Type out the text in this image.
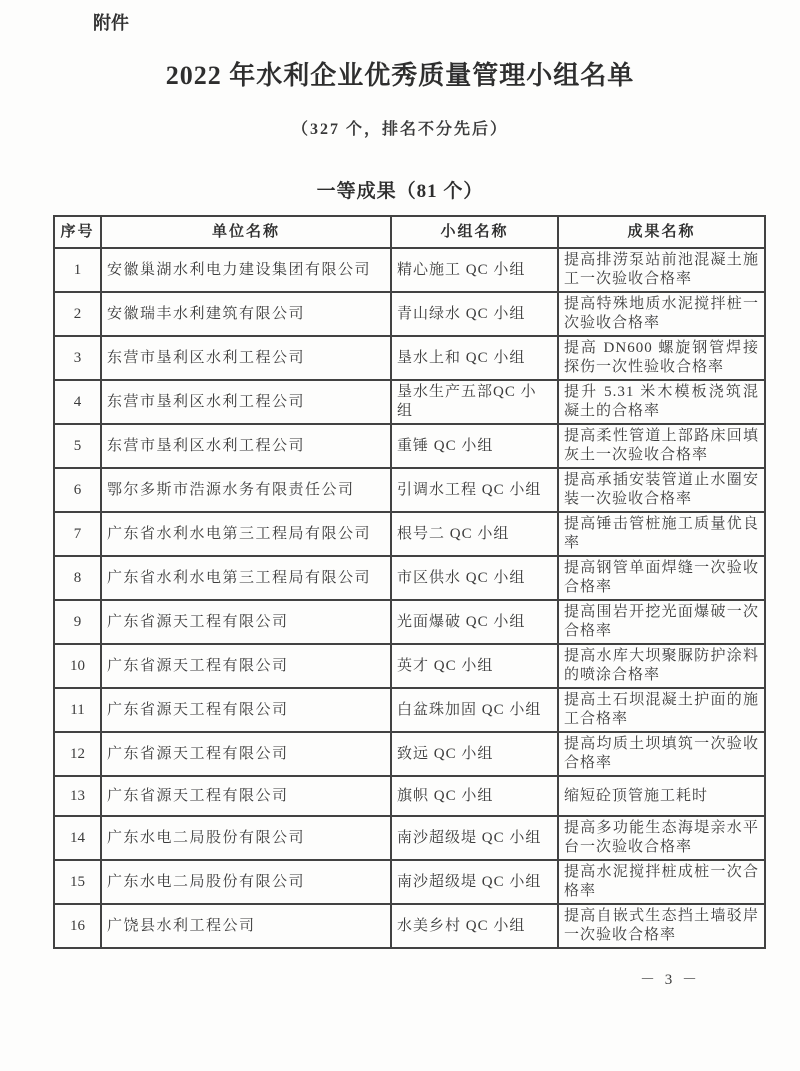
附件
2022 年水利企业优秀质量管理小组名单
（327 个，排名不分先后）
一等成果（81 个）
序号	单位名称	小组名称	成果名称
1	安徽巢湖水利电力建设集团有限公司	精心施工 QC 小组	提高排涝泵站前池混凝土施工一次验收合格率
2	安徽瑞丰水利建筑有限公司	青山绿水 QC 小组	提高特殊地质水泥搅拌桩一次验收合格率
3	东营市垦利区水利工程公司	垦水上和 QC 小组	提高 DN600 螺旋钢管焊接探伤一次性验收合格率
4	东营市垦利区水利工程公司	垦水生产五部QC 小组	提升 5.31 米木模板浇筑混凝土的合格率
5	东营市垦利区水利工程公司	重锤 QC 小组	提高柔性管道上部路床回填灰土一次验收合格率
6	鄂尔多斯市浩源水务有限责任公司	引调水工程 QC 小组	提高承插安装管道止水圈安装一次验收合格率
7	广东省水利水电第三工程局有限公司	根号二 QC 小组	提高锤击管桩施工质量优良率
8	广东省水利水电第三工程局有限公司	市区供水 QC 小组	提高钢管单面焊缝一次验收合格率
9	广东省源天工程有限公司	光面爆破 QC 小组	提高围岩开挖光面爆破一次合格率
10	广东省源天工程有限公司	英才 QC 小组	提高水库大坝聚脲防护涂料的喷涂合格率
11	广东省源天工程有限公司	白盆珠加固 QC 小组	提高土石坝混凝土护面的施工合格率
12	广东省源天工程有限公司	致远 QC 小组	提高均质土坝填筑一次验收合格率
13	广东省源天工程有限公司	旗帜 QC 小组	缩短砼顶管施工耗时
14	广东水电二局股份有限公司	南沙超级堤 QC 小组	提高多功能生态海堤亲水平台一次验收合格率
15	广东水电二局股份有限公司	南沙超级堤 QC 小组	提高水泥搅拌桩成桩一次合格率
16	广饶县水利工程公司	水美乡村 QC 小组	提高自嵌式生态挡土墙驳岸一次验收合格率
－ 3 －
